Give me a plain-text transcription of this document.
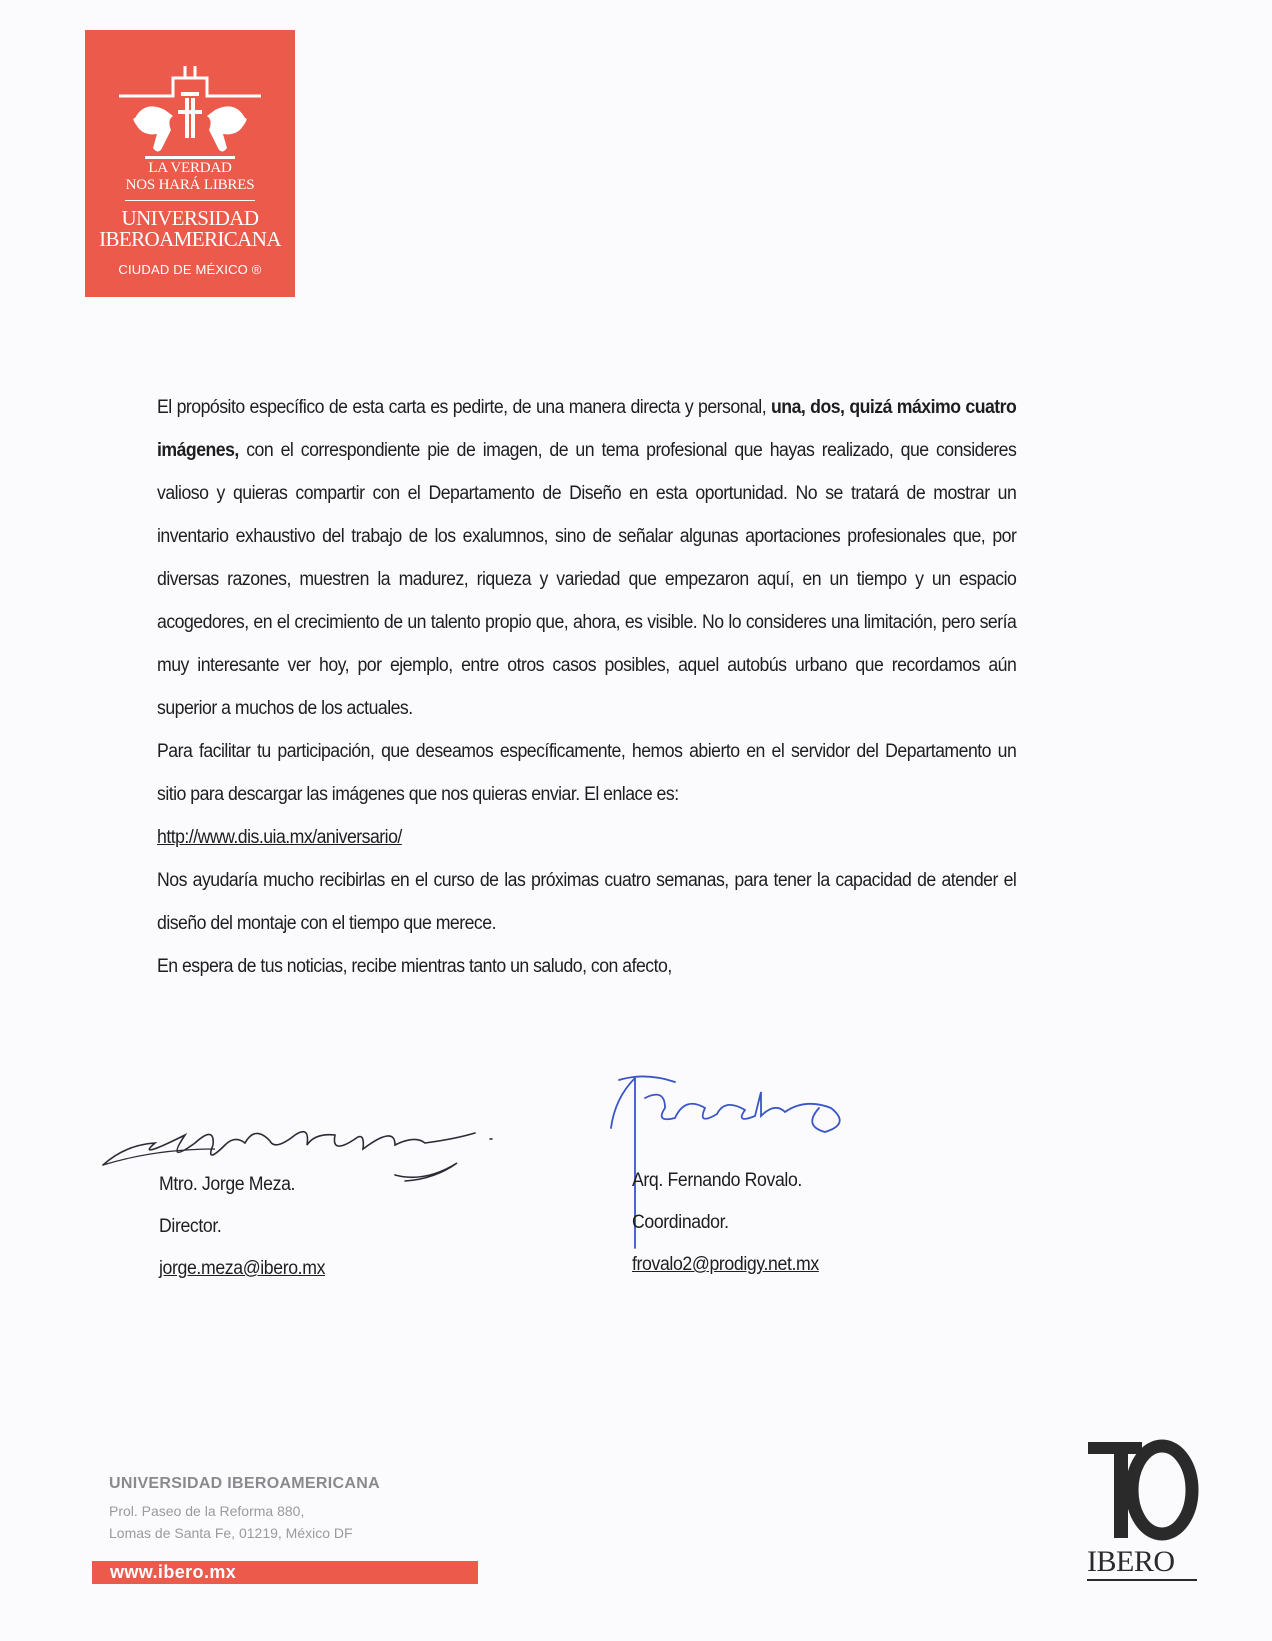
LA VERDAD
NOS HARÁ LIBRES
UNIVERSIDAD
IBEROAMERICANA
CIUDAD DE MÉXICO ®

El propósito específico de esta carta es pedirte, de una manera directa y personal, una, dos, quizá máximo cuatro imágenes, con el correspondiente pie de imagen, de un tema profesional que hayas realizado, que consideres valioso y quieras compartir con el Departamento de Diseño en esta oportunidad. No se tratará de mostrar un inventario exhaustivo del trabajo de los exalumnos, sino de señalar algunas aportaciones profesionales que, por diversas razones, muestren la madurez, riqueza y variedad que empezaron aquí, en un tiempo y un espacio acogedores, en el crecimiento de un talento propio que, ahora, es visible. No lo consideres una limitación, pero sería muy interesante ver hoy, por ejemplo, entre otros casos posibles, aquel autobús urbano que recordamos aún superior a muchos de los actuales.

Para facilitar tu participación, que deseamos específicamente, hemos abierto en el servidor del Departamento un sitio para descargar las imágenes que nos quieras enviar. El enlace es:

http://www.dis.uia.mx/aniversario/

Nos ayudaría mucho recibirlas en el curso de las próximas cuatro semanas, para tener la capacidad de atender el diseño del montaje con el tiempo que merece.

En espera de tus noticias, recibe mientras tanto un saludo, con afecto,

Mtro. Jorge Meza.
Director.
jorge.meza@ibero.mx
Arq. Fernando Rovalo.
Coordinador.
frovalo2@prodigy.net.mx
UNIVERSIDAD IBEROAMERICANA
Prol. Paseo de la Reforma 880,
Lomas de Santa Fe, 01219, México DF
www.ibero.mx	IBERO
